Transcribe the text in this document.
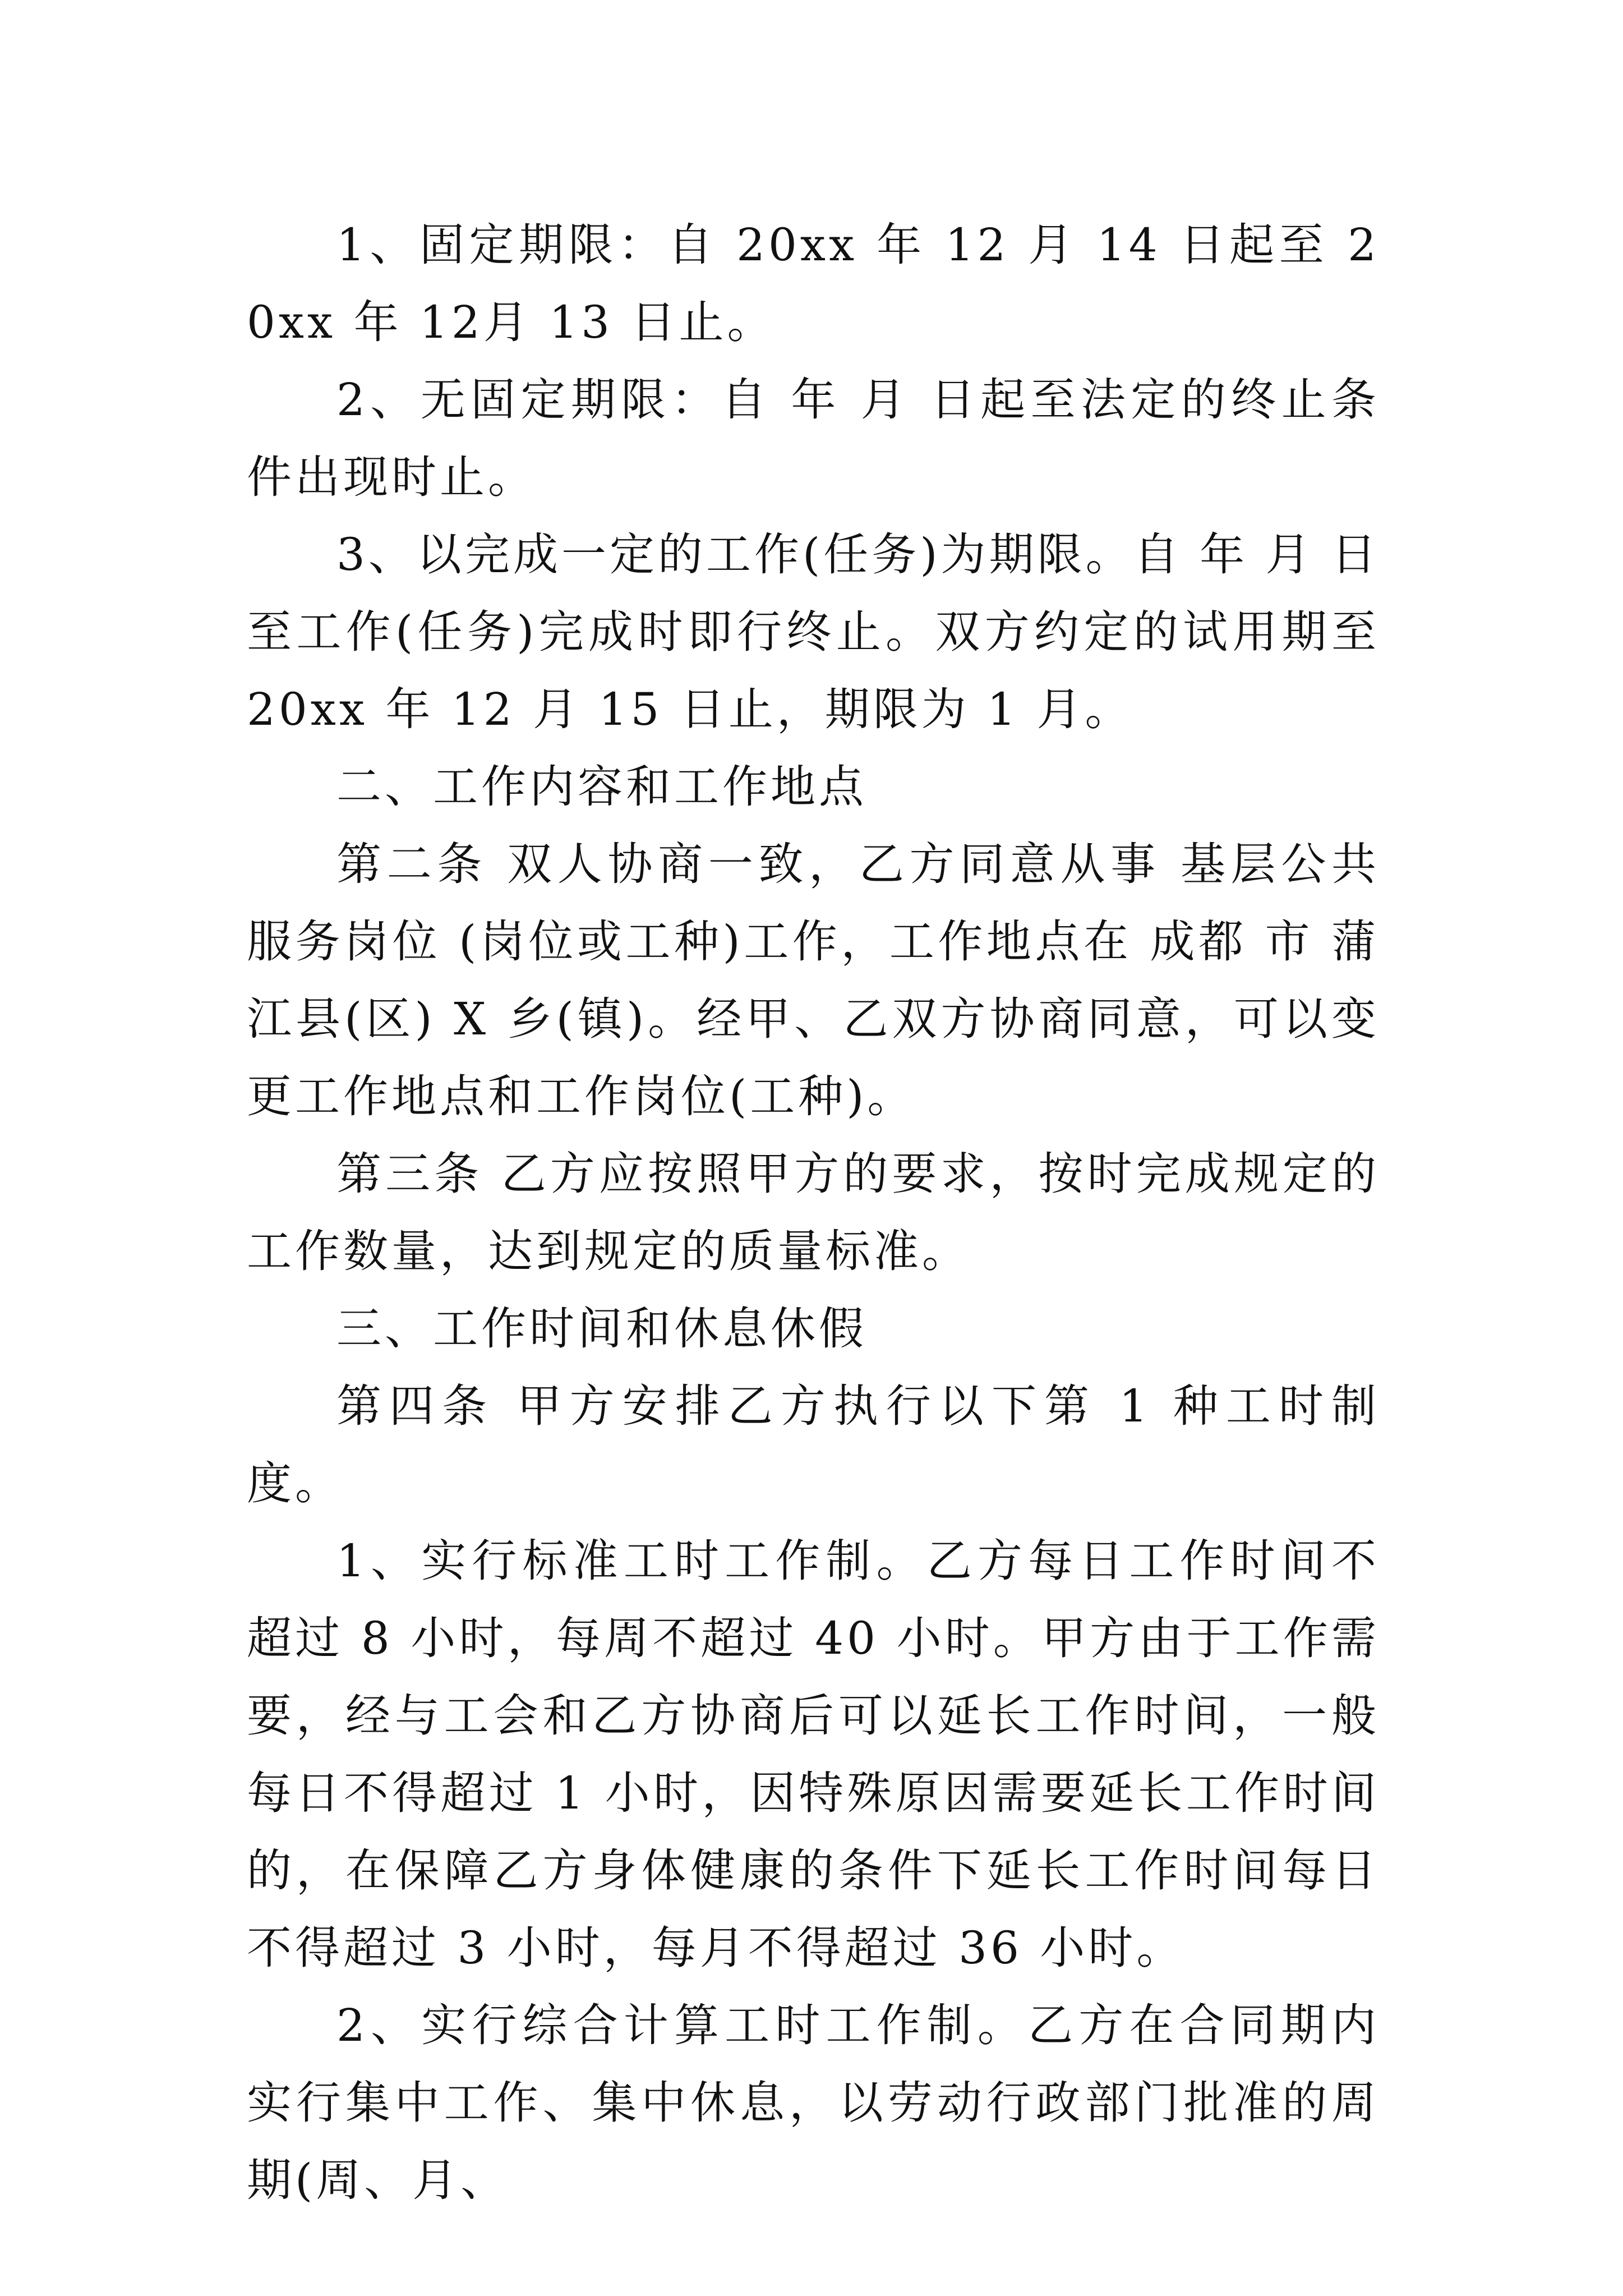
1、固定期限：自 20xx 年 12 月 14 日起至 20xx 年 12月 13 日止。

2、无固定期限：自 年 月 日起至法定的终止条件出现时止。

3、以完成一定的工作(任务)为期限。自 年 月 日至工作(任务)完成时即行终止。双方约定的试用期至 20xx 年 12 月 15 日止，期限为 1 月。

二、工作内容和工作地点

第二条 双人协商一致，乙方同意从事 基层公共服务岗位 (岗位或工种)工作，工作地点在 成都 市 蒲江县(区) X 乡(镇)。经甲、乙双方协商同意，可以变更工作地点和工作岗位(工种)。

第三条 乙方应按照甲方的要求，按时完成规定的工作数量，达到规定的质量标准。

三、工作时间和休息休假

第四条 甲方安排乙方执行以下第 1 种工时制度。

1、实行标准工时工作制。乙方每日工作时间不超过 8 小时，每周不超过 40 小时。甲方由于工作需要，经与工会和乙方协商后可以延长工作时间，一般每日不得超过 1 小时，因特殊原因需要延长工作时间的，在保障乙方身体健康的条件下延长工作时间每日不得超过 3 小时，每月不得超过 36 小时。

2、实行综合计算工时工作制。乙方在合同期内实行集中工作、集中休息，以劳动行政部门批准的周期(周、月、
